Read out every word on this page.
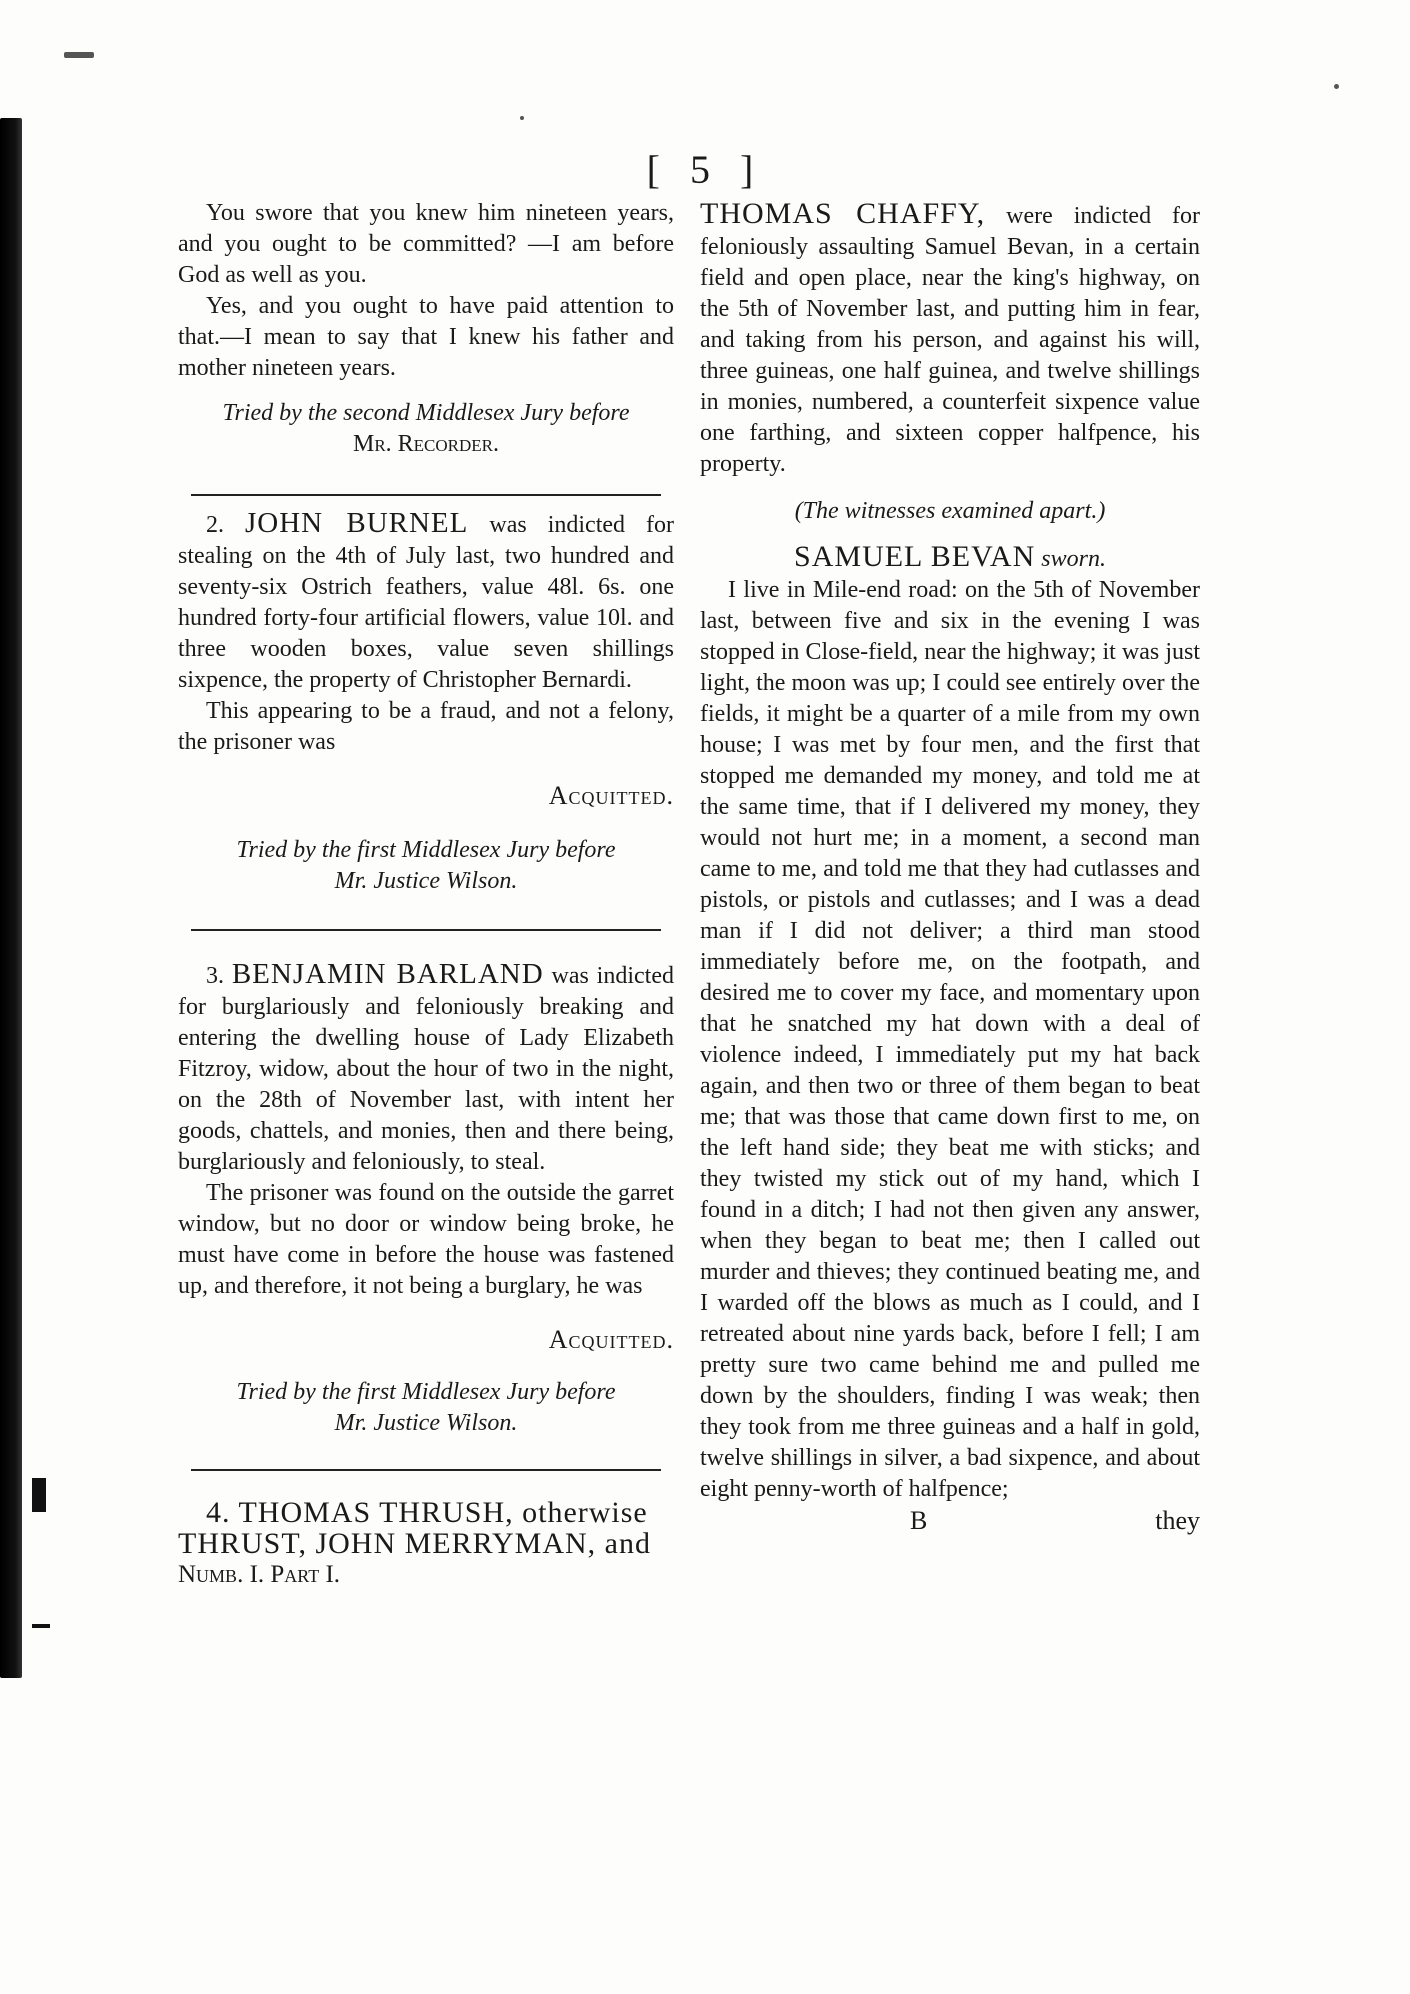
[ 5 ]

You swore that you knew him nineteen years, and you ought to be committed? —I am before God as well as you.

Yes, and you ought to have paid attention to that.—I mean to say that I knew his father and mother nineteen years.

Tried by the second Middlesex Jury before
Mr. Recorder.

2. JOHN BURNEL was indicted for stealing on the 4th of July last, two hundred and seventy-six Ostrich feathers, value 48l. 6s. one hundred forty-four artificial flowers, value 10l. and three wooden boxes, value seven shillings sixpence, the property of Christopher Bernardi.

This appearing to be a fraud, and not a felony, the prisoner was

Acquitted.
Tried by the first Middlesex Jury before
Mr. Justice Wilson.

3. BENJAMIN BARLAND was indicted for burglariously and feloniously breaking and entering the dwelling house of Lady Elizabeth Fitzroy, widow, about the hour of two in the night, on the 28th of November last, with intent her goods, chattels, and monies, then and there being, burglariously and feloniously, to steal.

The prisoner was found on the outside the garret window, but no door or window being broke, he must have come in before the house was fastened up, and therefore, it not being a burglary, he was

Acquitted.
Tried by the first Middlesex Jury before
Mr. Justice Wilson.
4. THOMAS THRUSH, otherwise
THRUST, JOHN MERRYMAN, and
Numb. I. Part I.

THOMAS CHAFFY, were indicted for feloniously assaulting Samuel Bevan, in a certain field and open place, near the king's highway, on the 5th of November last, and putting him in fear, and taking from his person, and against his will, three guineas, one half guinea, and twelve shillings in monies, numbered, a counterfeit sixpence value one farthing, and sixteen copper halfpence, his property.

(The witnesses examined apart.)
SAMUEL BEVAN sworn.

I live in Mile-end road: on the 5th of November last, between five and six in the evening I was stopped in Close-field, near the highway; it was just light, the moon was up; I could see entirely over the fields, it might be a quarter of a mile from my own house; I was met by four men, and the first that stopped me demanded my money, and told me at the same time, that if I delivered my money, they would not hurt me; in a moment, a second man came to me, and told me that they had cutlasses and pistols, or pistols and cutlasses; and I was a dead man if I did not deliver; a third man stood immediately before me, on the footpath, and desired me to cover my face, and momentary upon that he snatched my hat down with a deal of violence indeed, I immediately put my hat back again, and then two or three of them began to beat me; that was those that came down first to me, on the left hand side; they beat me with sticks; and they twisted my stick out of my hand, which I found in a ditch; I had not then given any answer, when they began to beat me; then I called out murder and thieves; they continued beating me, and I warded off the blows as much as I could, and I retreated about nine yards back, before I fell; I am pretty sure two came behind me and pulled me down by the shoulders, finding I was weak; then they took from me three guineas and a half in gold, twelve shillings in silver, a bad sixpence, and about eight penny-worth of halfpence;

B	they
